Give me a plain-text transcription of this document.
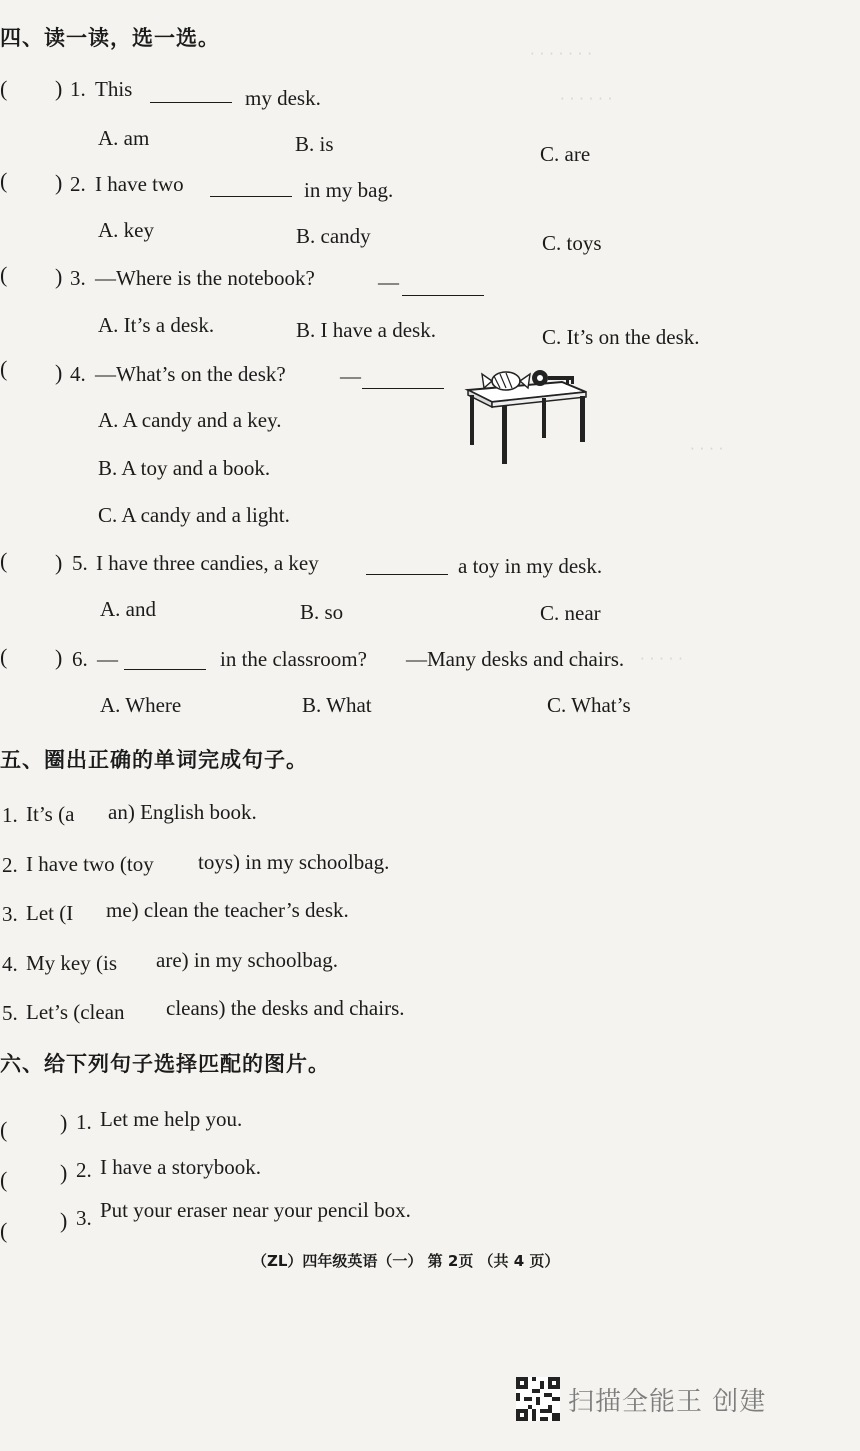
· · · · · · ·
· · · · · ·
· · · ·
· · · · ·
四、读一读，选一选。
( ) 1. This	my desk.
A. am	B. is	C. are
( ) 2. I have two	in my bag.
A. key	B. candy	C. toys
( ) 3. —Where is the notebook?	—
A. It’s a desk.	B. I have a desk.	C. It’s on the desk.
( ) 4. —What’s on the desk?	—
A. A candy and a key.
B. A toy and a book.
C. A candy and a light.
( ) 5. I have three candies, a key	a toy in my desk.
A. and	B. so	C. near
( ) 6. —	in the classroom? —Many desks and chairs.
A. Where	B. What	C. What’s
五、圈出正确的单词完成句子。
1. It’s (a an) English book.
2. I have two (toy toys) in my schoolbag.
3. Let (I me) clean the teacher’s desk.
4. My key (is are) in my schoolbag.
5. Let’s (clean cleans) the desks and chairs.
六、给下列句子选择匹配的图片。
( ) 1. Let me help you.
( ) 2. I have a storybook.
( ) 3. Put your eraser near your pencil box.
（ZL）四年级英语（一） 第 2页 （共 4 页）
扫描全能王 创建
